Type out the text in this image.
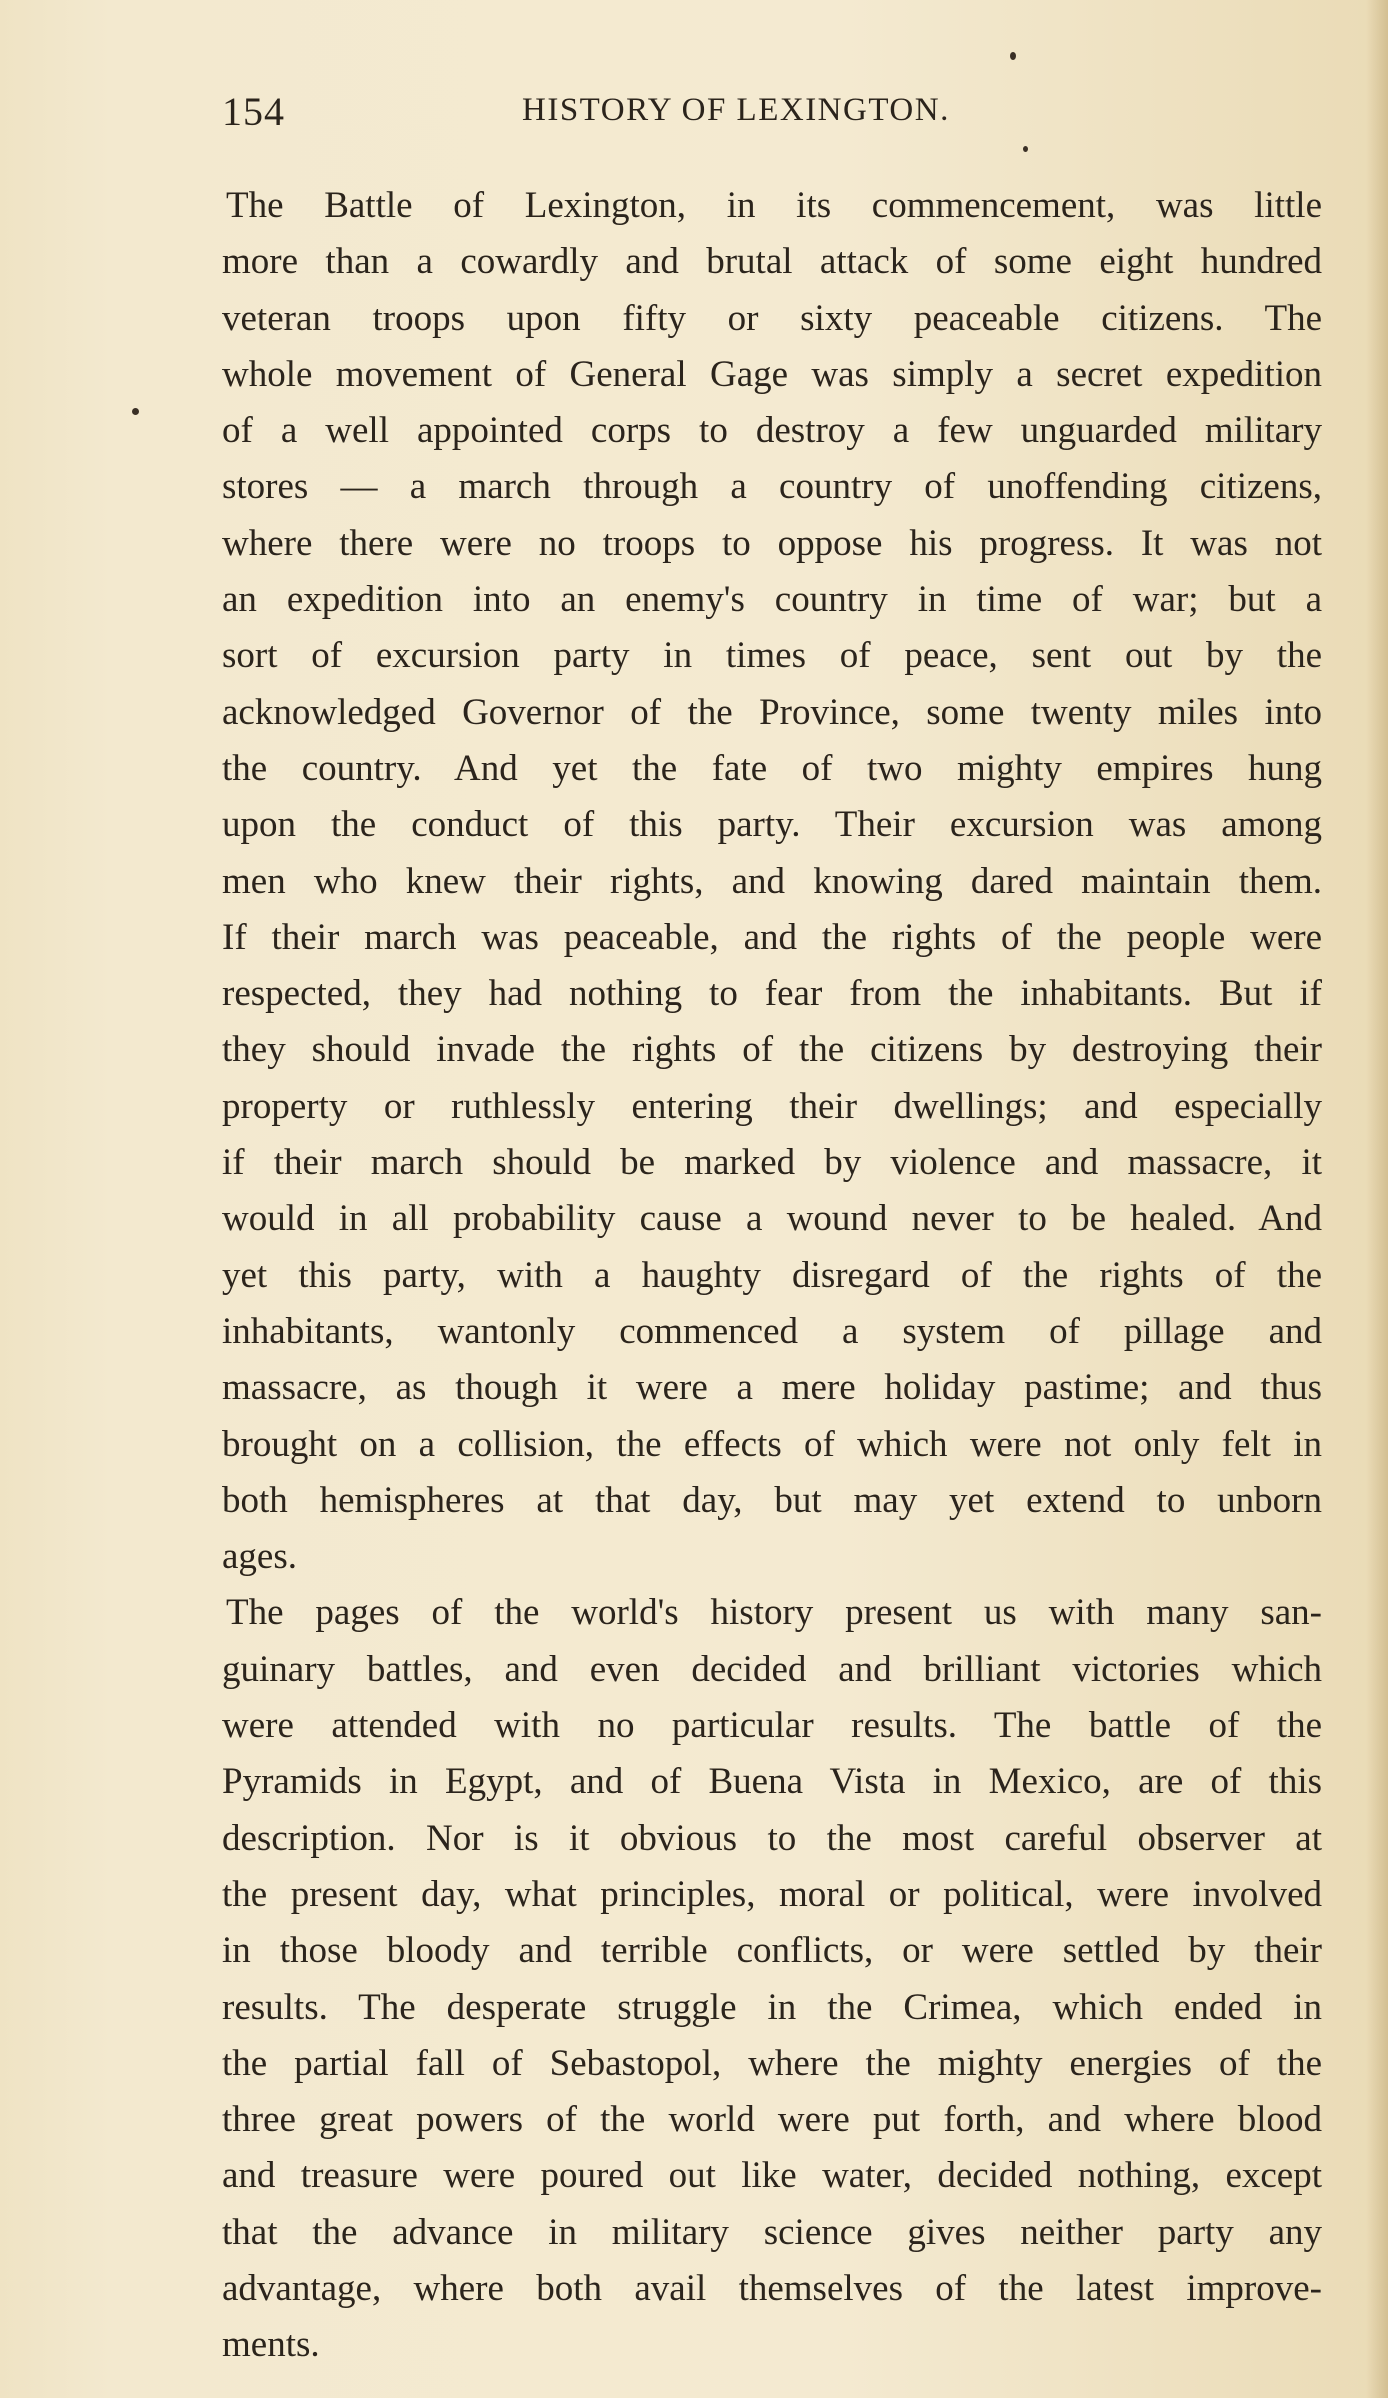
154	HISTORY OF LEXINGTON.
The Battle of Lexington, in its commencement, was little
more than a cowardly and brutal attack of some eight hundred
veteran troops upon fifty or sixty peaceable citizens. The
whole movement of General Gage was simply a secret expedition
of a well appointed corps to destroy a few unguarded military
stores — a march through a country of unoffending citizens,
where there were no troops to oppose his progress. It was not
an expedition into an enemy's country in time of war; but a
sort of excursion party in times of peace, sent out by the
acknowledged Governor of the Province, some twenty miles into
the country. And yet the fate of two mighty empires hung
upon the conduct of this party. Their excursion was among
men who knew their rights, and knowing dared maintain them.
If their march was peaceable, and the rights of the people were
respected, they had nothing to fear from the inhabitants. But if
they should invade the rights of the citizens by destroying their
property or ruthlessly entering their dwellings; and especially
if their march should be marked by violence and massacre, it
would in all probability cause a wound never to be healed. And
yet this party, with a haughty disregard of the rights of the
inhabitants, wantonly commenced a system of pillage and
massacre, as though it were a mere holiday pastime; and thus
brought on a collision, the effects of which were not only felt in
both hemispheres at that day, but may yet extend to unborn
ages.
The pages of the world's history present us with many san-
guinary battles, and even decided and brilliant victories which
were attended with no particular results. The battle of the
Pyramids in Egypt, and of Buena Vista in Mexico, are of this
description. Nor is it obvious to the most careful observer at
the present day, what principles, moral or political, were involved
in those bloody and terrible conflicts, or were settled by their
results. The desperate struggle in the Crimea, which ended in
the partial fall of Sebastopol, where the mighty energies of the
three great powers of the world were put forth, and where blood
and treasure were poured out like water, decided nothing, except
that the advance in military science gives neither party any
advantage, where both avail themselves of the latest improve-
ments.
